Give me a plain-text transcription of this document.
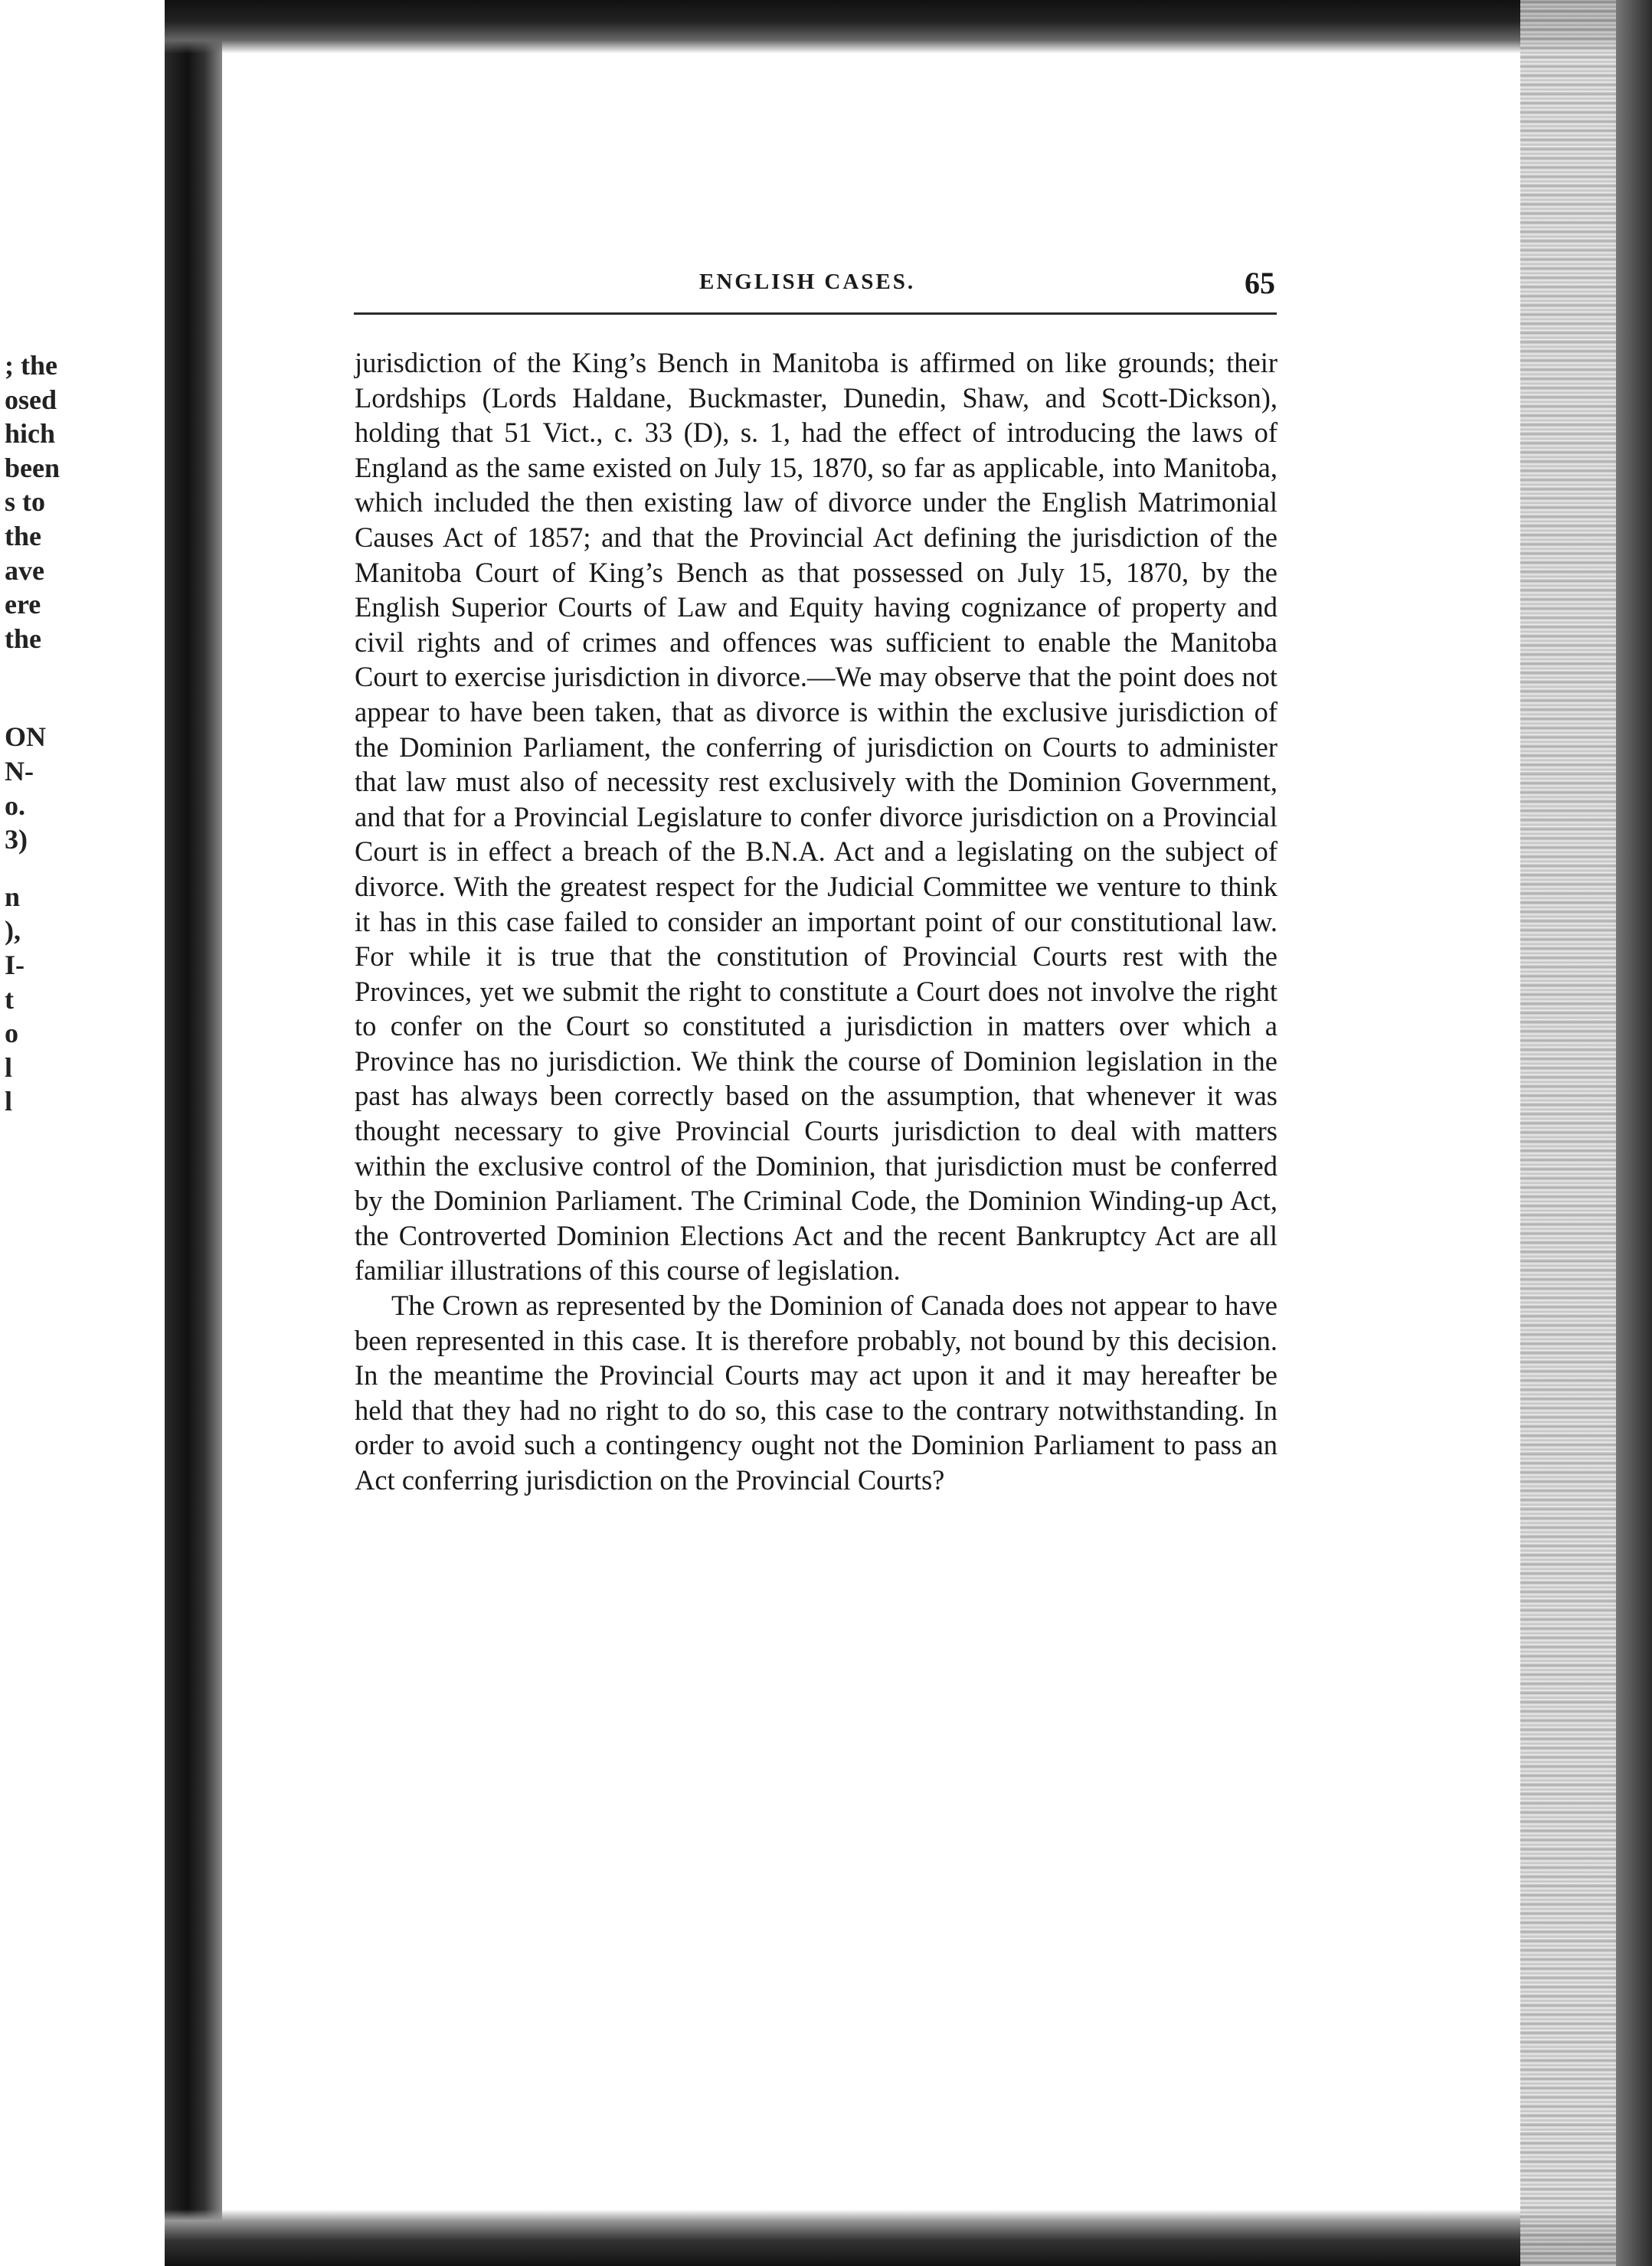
; the
osed
hich
been
s to
the
ave
ere
the
ON
N-
o.
3)
n
),
I-
t
o
l
l
ENGLISH CASES.	65

jurisdiction of the King’s Bench in Manitoba is affirmed on like grounds; their Lordships (Lords Haldane, Buckmaster, Dunedin, Shaw, and Scott-Dickson), holding that 51 Vict., c. 33 (D), s. 1, had the effect of introducing the laws of England as the same existed on July 15, 1870, so far as applicable, into Manitoba, which included the then existing law of divorce under the English Matrimonial Causes Act of 1857; and that the Provincial Act defining the jurisdiction of the Manitoba Court of King’s Bench as that possessed on July 15, 1870, by the English Superior Courts of Law and Equity having cognizance of property and civil rights and of crimes and offences was sufficient to enable the Manitoba Court to exercise jurisdiction in divorce.—We may observe that the point does not appear to have been taken, that as divorce is within the exclusive jurisdiction of the Dominion Parliament, the conferring of jurisdiction on Courts to administer that law must also of necessity rest exclusively with the Dominion Government, and that for a Provincial Legislature to confer divorce jurisdiction on a Provincial Court is in effect a breach of the B.N.A. Act and a legislating on the subject of divorce. With the greatest respect for the Judicial Committee we venture to think it has in this case failed to consider an important point of our constitutional law. For while it is true that the constitution of Provincial Courts rest with the Provinces, yet we submit the right to constitute a Court does not involve the right to confer on the Court so constituted a jurisdiction in matters over which a Province has no jurisdiction. We think the course of Dominion legislation in the past has always been correctly based on the assumption, that whenever it was thought necessary to give Provincial Courts jurisdiction to deal with matters within the exclusive control of the Dominion, that jurisdiction must be conferred by the Dominion Parliament. The Criminal Code, the Dominion Winding-up Act, the Controverted Dominion Elections Act and the recent Bankruptcy Act are all familiar illustrations of this course of legislation.

The Crown as represented by the Dominion of Canada does not appear to have been represented in this case. It is therefore probably, not bound by this decision. In the meantime the Provincial Courts may act upon it and it may hereafter be held that they had no right to do so, this case to the contrary notwithstanding. In order to avoid such a contingency ought not the Dominion Parliament to pass an Act conferring jurisdiction on the Provincial Courts?
